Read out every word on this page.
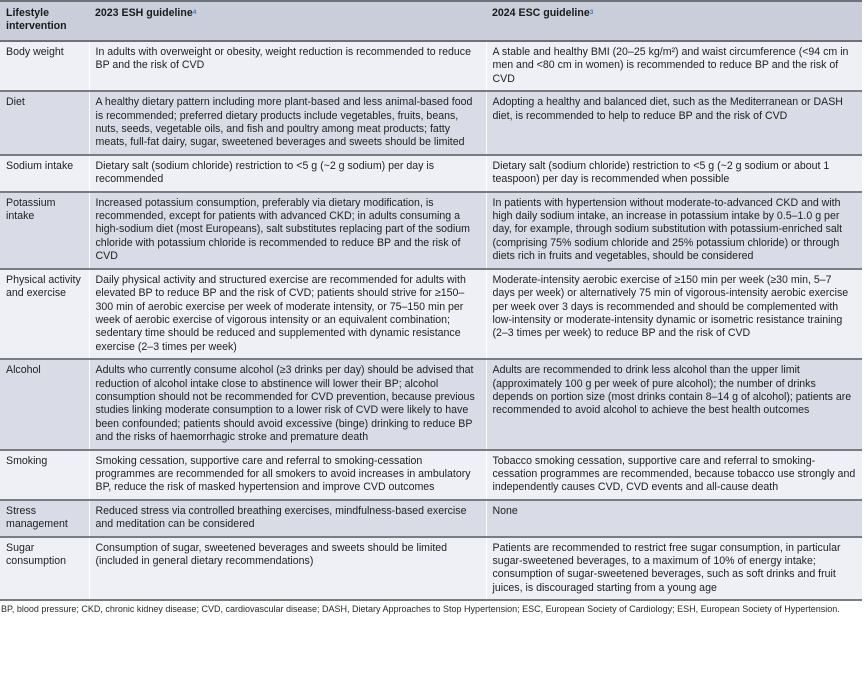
Lifestyle intervention	2023 ESH guideline$^4$	2024 ESC guideline$^3$
Body weight	In adults with overweight or obesity, weight reduction is recommended to reduce BP and the risk of CVD	A stable and healthy BMI (20–25 kg/m²) and waist circumference (<94 cm in men and <80 cm in women) is recommended to reduce BP and the risk of CVD
Diet	A healthy dietary pattern including more plant-based and less animal-based food is recommended; preferred dietary products include vegetables, fruits, beans, nuts, seeds, vegetable oils, and fish and poultry among meat products; fatty meats, full-fat dairy, sugar, sweetened beverages and sweets should be limited	Adopting a healthy and balanced diet, such as the Mediterranean or DASH diet, is recommended to help to reduce BP and the risk of CVD
Sodium intake	Dietary salt (sodium chloride) restriction to <5 g (~2 g sodium) per day is recommended	Dietary salt (sodium chloride) restriction to <5 g (~2 g sodium or about 1 teaspoon) per day is recommended when possible
Potassium intake	Increased potassium consumption, preferably via dietary modification, is recommended, except for patients with advanced CKD; in adults consuming a high-sodium diet (most Europeans), salt substitutes replacing part of the sodium chloride with potassium chloride is recommended to reduce BP and the risk of CVD	In patients with hypertension without moderate-to-advanced CKD and with high daily sodium intake, an increase in potassium intake by 0.5–1.0 g per day, for example, through sodium substitution with potassium-enriched salt (comprising 75% sodium chloride and 25% potassium chloride) or through diets rich in fruits and vegetables, should be considered
Physical activity and exercise	Daily physical activity and structured exercise are recommended for adults with elevated BP to reduce BP and the risk of CVD; patients should strive for ≥150–300 min of aerobic exercise per week of moderate intensity, or 75–150 min per week of aerobic exercise of vigorous intensity or an equivalent combination; sedentary time should be reduced and supplemented with dynamic resistance exercise (2–3 times per week)	Moderate-intensity aerobic exercise of ≥150 min per week (≥30 min, 5–7 days per week) or alternatively 75 min of vigorous-intensity aerobic exercise per week over 3 days is recommended and should be complemented with low-intensity or moderate-intensity dynamic or isometric resistance training (2–3 times per week) to reduce BP and the risk of CVD
Alcohol	Adults who currently consume alcohol (≥3 drinks per day) should be advised that reduction of alcohol intake close to abstinence will lower their BP; alcohol consumption should not be recommended for CVD prevention, because previous studies linking moderate consumption to a lower risk of CVD were likely to have been confounded; patients should avoid excessive (binge) drinking to reduce BP and the risks of haemorrhagic stroke and premature death	Adults are recommended to drink less alcohol than the upper limit (approximately 100 g per week of pure alcohol); the number of drinks depends on portion size (most drinks contain 8–14 g of alcohol); patients are recommended to avoid alcohol to achieve the best health outcomes
Smoking	Smoking cessation, supportive care and referral to smoking-cessation programmes are recommended for all smokers to avoid increases in ambulatory BP, reduce the risk of masked hypertension and improve CVD outcomes	Tobacco smoking cessation, supportive care and referral to smoking-cessation programmes are recommended, because tobacco use strongly and independently causes CVD, CVD events and all-cause death
Stress management	Reduced stress via controlled breathing exercises, mindfulness-based exercise and meditation can be considered	None
Sugar consumption	Consumption of sugar, sweetened beverages and sweets should be limited (included in general dietary recommendations)	Patients are recommended to restrict free sugar consumption, in particular sugar-sweetened beverages, to a maximum of 10% of energy intake; consumption of sugar-sweetened beverages, such as soft drinks and fruit juices, is discouraged starting from a young age
BP, blood pressure; CKD, chronic kidney disease; CVD, cardiovascular disease; DASH, Dietary Approaches to Stop Hypertension; ESC, European Society of Cardiology; ESH, European Society of Hypertension.
